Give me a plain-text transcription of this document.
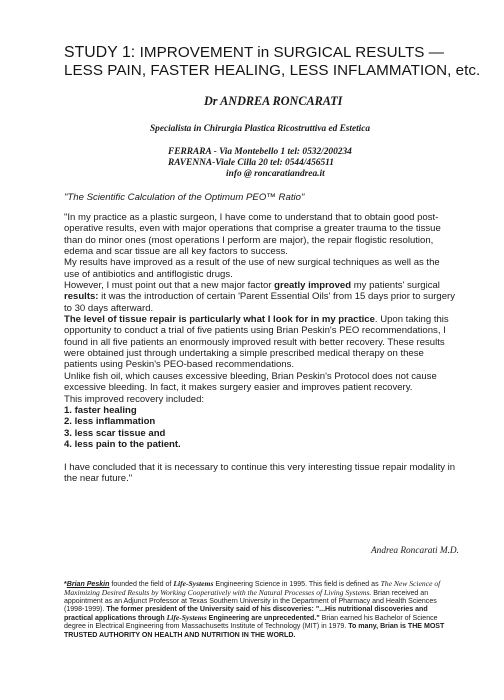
STUDY 1: IMPROVEMENT in SURGICAL RESULTS —
LESS PAIN, FASTER HEALING, LESS INFLAMMATION, etc.
Dr ANDREA RONCARATI
Specialista in Chirurgia Plastica Ricostruttiva ed Estetica
FERRARA - Via Montebello 1 tel: 0532/200234
RAVENNA-Viale Cilla 20 tel: 0544/456511
info @ roncaratiandrea.it
"The Scientific Calculation of the Optimum PEO™ Ratio"

"In my practice as a plastic surgeon, I have come to understand that to obtain good post-operative results, even with major operations that comprise a greater trauma to the tissue than do minor ones (most operations I perform are major), the repair flogistic resolution, edema and scar tissue are all key factors to success.

My results have improved as a result of the use of new surgical techniques as well as the use of antibiotics and antiflogistic drugs.

However, I must point out that a new major factor greatly improved my patients' surgical results: it was the introduction of certain 'Parent Essential Oils' from 15 days prior to surgery to 30 days afterward.

The level of tissue repair is particularly what I look for in my practice. Upon taking this opportunity to conduct a trial of five patients using Brian Peskin's PEO recommendations, I found in all five patients an enormously improved result with better recovery. These results were obtained just through undertaking a simple prescribed medical therapy on these patients using Peskin's PEO-based recommendations.

Unlike fish oil, which causes excessive bleeding, Brian Peskin's Protocol does not cause excessive bleeding. In fact, it makes surgery easier and improves patient recovery.

This improved recovery included:

1. faster healing
2. less inflammation
3. less scar tissue and
4. less pain to the patient.

I have concluded that it is necessary to continue this very interesting tissue repair modality in the near future."

Andrea Roncarati M.D.
*Brian Peskin founded the field of Life-Systems Engineering Science in 1995. This field is defined as The New Science of Maximizing Desired Results by Working Cooperatively with the Natural Processes of Living Systems. Brian received an appointment as an Adjunct Professor at Texas Southern University in the Department of Pharmacy and Health Sciences (1998-1999). The former president of the University said of his discoveries: "...His nutritional discoveries and practical applications through Life-Systems Engineering are unprecedented." Brian earned his Bachelor of Science degree in Electrical Engineering from Massachusetts Institute of Technology (MIT) in 1979. To many, Brian is THE MOST TRUSTED AUTHORITY ON HEALTH AND NUTRITION IN THE WORLD.
